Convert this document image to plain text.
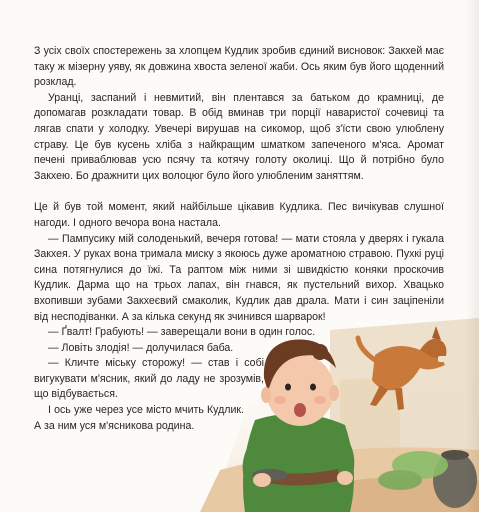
З усіх своїх спостережень за хлопцем Кудлик зробив єдиний висновок: Закхей має таку ж мізерну уяву, як довжина хвоста зеленої жаби. Ось яким був його щоденний розклад.

Уранці, заспаний і невмитий, він плентався за батьком до крамниці, де допомагав розкладати товар. В обід вминав три порції наваристої сочевиці та лягав спати у холодку. Увечері вирушав на сикомор, щоб з'їсти свою улюблену страву. Це був кусень хліба з найкращим шматком запеченого м'яса. Аромат печені приваблював усю псячу та котячу голоту околиці. Що й потрібно було Закхею. Бо дражнити цих волоцюг було його улюбленим заняттям.

Це й був той момент, який найбільше цікавив Кудлика. Пес вичікував слушної нагоди. І одного вечора вона настала.

— Пампусику мій солоденький, вечеря готова! — мати стояла у дверях і гукала Закхея. У руках вона тримала миску з якоюсь дуже ароматною стравою. Пухкі руці сина потягнулися до їжі. Та раптом між ними зі швидкістю коняки проскочив Кудлик. Дарма що на трьох лапах, він гнався, як пустельний вихор. Хвацько вхопивши зубами Закхеєвий смаколик, Кудлик дав драла. Мати і син заціпеніли від несподіванки. А за кілька секунд як зчинився шарварок!

— Ґвалт! Грабують! — заверещали вони в один голос.

— Ловіть злодія! — долучилася баба.

— Кличте міську сторожу! — став і собі вигукувати м'ясник, який до ладу не зрозумів, що відбувається.

І ось уже через усе місто мчить Кудлик. А за ним уся м'ясникова родина.
